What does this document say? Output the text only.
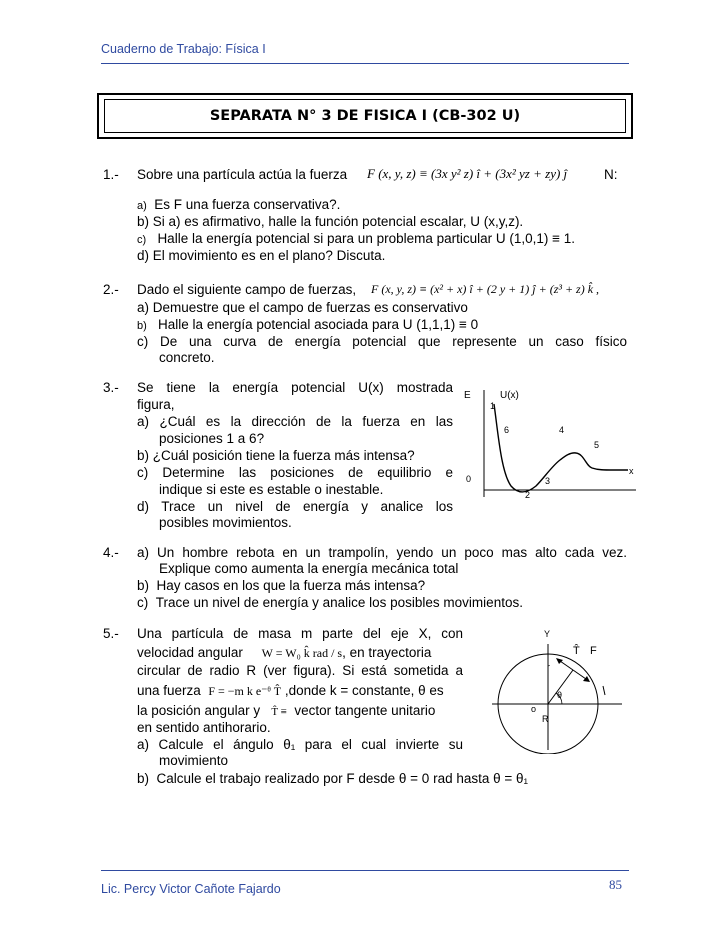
Cuaderno de Trabajo: Física I
SEPARATA N° 3 DE FISICA I (CB-302 U)
1.- Sobre una partícula actúa la fuerza F (x, y, z) ≡ (3x y² z) î + (3x² yz + zy) ĵ	N:
a) Es F una fuerza conservativa?.
b) Si a) es afirmativo, halle la función potencial escalar, U (x,y,z).
c) Halle la energía potencial si para un problema particular U (1,0,1) ≡ 1.
d) El movimiento es en el plano? Discuta.
2.- Dado el siguiente campo de fuerzas, F (x, y, z) ≡ (x² + x) î + (2 y + 1) ĵ + (z³ + z) k̂ ,
a) Demuestre que el campo de fuerzas es conservativo
b) Halle la energía potencial asociada para U (1,1,1) ≡ 0
c) De una curva de energía potencial que represente un caso físico
concreto.
3.- Se tiene la energía potencial U(x) mostrada
figura,
a) ¿Cuál es la dirección de la fuerza en las
posiciones 1 a 6?
b) ¿Cuál posición tiene la fuerza más intensa?
c) Determine las posiciones de equilibrio e
indique si este es estable o inestable.
d) Trace un nivel de energía y analice los
posibles movimientos.
E	U(x)
x
0
1
2
3
4
5
6
4.- a) Un hombre rebota en un trampolín, yendo un poco mas alto cada vez.
Explique como aumenta la energía mecánica total
b) Hay casos en los que la fuerza más intensa?
c) Trace un nivel de energía y analice los posibles movimientos.
5.- Una partícula de masa m parte del eje X, con
velocidad angular W = W₀ k̂ rad / s, en trayectoria
circular de radio R (ver figura). Si está sometida a
una fuerza F = −m k e⁻ᶿ T̂ ,donde k = constante, θ es
la posición angular y T̂ ≡ vector tangente unitario
en sentido antihorario.
a) Calcule el ángulo θ₁ para el cual invierte su
movimiento
b) Calcule el trabajo realizado por F desde θ = 0 rad hasta θ = θ₁
Y
T̂ F
r
θ
o
R
Lic. Percy Victor Cañote Fajardo	85
